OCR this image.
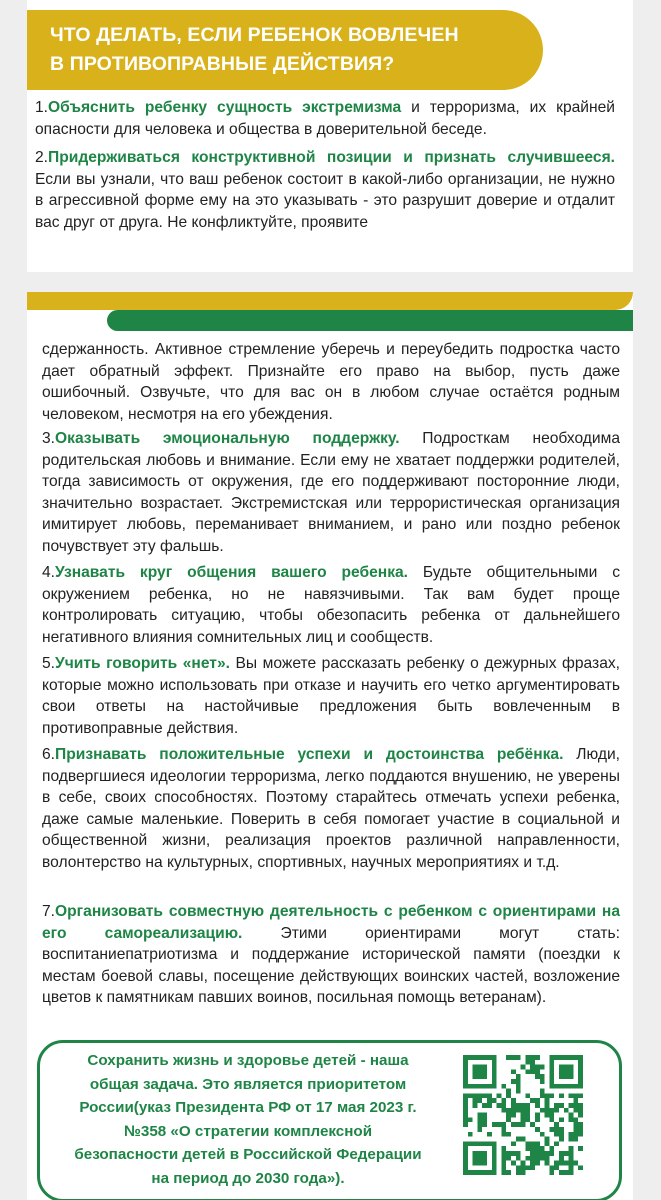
ЧТО ДЕЛАТЬ, ЕСЛИ РЕБЕНОК ВОВЛЕЧЕН
В ПРОТИВОПРАВНЫЕ ДЕЙСТВИЯ?
1.Объяснить ребенку сущность экстремизма и терроризма, их крайней опасности для человека и общества в доверительной беседе.
2.Придерживаться конструктивной позиции и признать случившееся. Если вы узнали, что ваш ребенок состоит в какой-либо организации, не нужно в агрессивной форме ему на это указывать - это разрушит доверие и отдалит вас друг от друга. Не конфликтуйте, проявите
сдержанность. Активное стремление уберечь и переубедить подростка часто дает обратный эффект. Признайте его право на выбор, пусть даже ошибочный. Озвучьте, что для вас он в любом случае остаётся родным человеком, несмотря на его убеждения.
3.Оказывать эмоциональную поддержку. Подросткам необходима родительская любовь и внимание. Если ему не хватает поддержки родителей, тогда зависимость от окружения, где его поддерживают посторонние люди, значительно возрастает. Экстремистская или террористическая организация имитирует любовь, переманивает вниманием, и рано или поздно ребенок почувствует эту фальшь.
4.Узнавать круг общения вашего ребенка. Будьте общительными с окружением ребенка, но не навязчивыми. Так вам будет проще контролировать ситуацию, чтобы обезопасить ребенка от дальнейшего негативного влияния сомнительных лиц и сообществ.
5.Учить говорить «нет». Вы можете рассказать ребенку о дежурных фразах, которые можно использовать при отказе и научить его четко аргументировать свои ответы на настойчивые предложения быть вовлеченным в противоправные действия.
6.Признавать положительные успехи и достоинства ребёнка. Люди, подвергшиеся идеологии терроризма, легко поддаются внушению, не уверены в себе, своих способностях. Поэтому старайтесь отмечать успехи ребенка, даже самые маленькие. Поверить в себя помогает участие в социальной и общественной жизни, реализация проектов различной направленности, волонтерство на культурных, спортивных, научных мероприятиях и т.д.
7.Организовать совместную деятельность с ребенком с ориентирами на его самореализацию. Этими ориентирами могут стать: воспитаниепатриотизма и поддержание исторической памяти (поездки к местам боевой славы, посещение действующих воинских частей, возложение цветов к памятникам павших воинов, посильная помощь ветеранам).
Сохранить жизнь и здоровье детей - наша
общая задача. Это является приоритетом
России(указ Президента РФ от 17 мая 2023 г.
№358 «О стратегии комплексной
безопасности детей в Российской Федерации
на период до 2030 года»).
